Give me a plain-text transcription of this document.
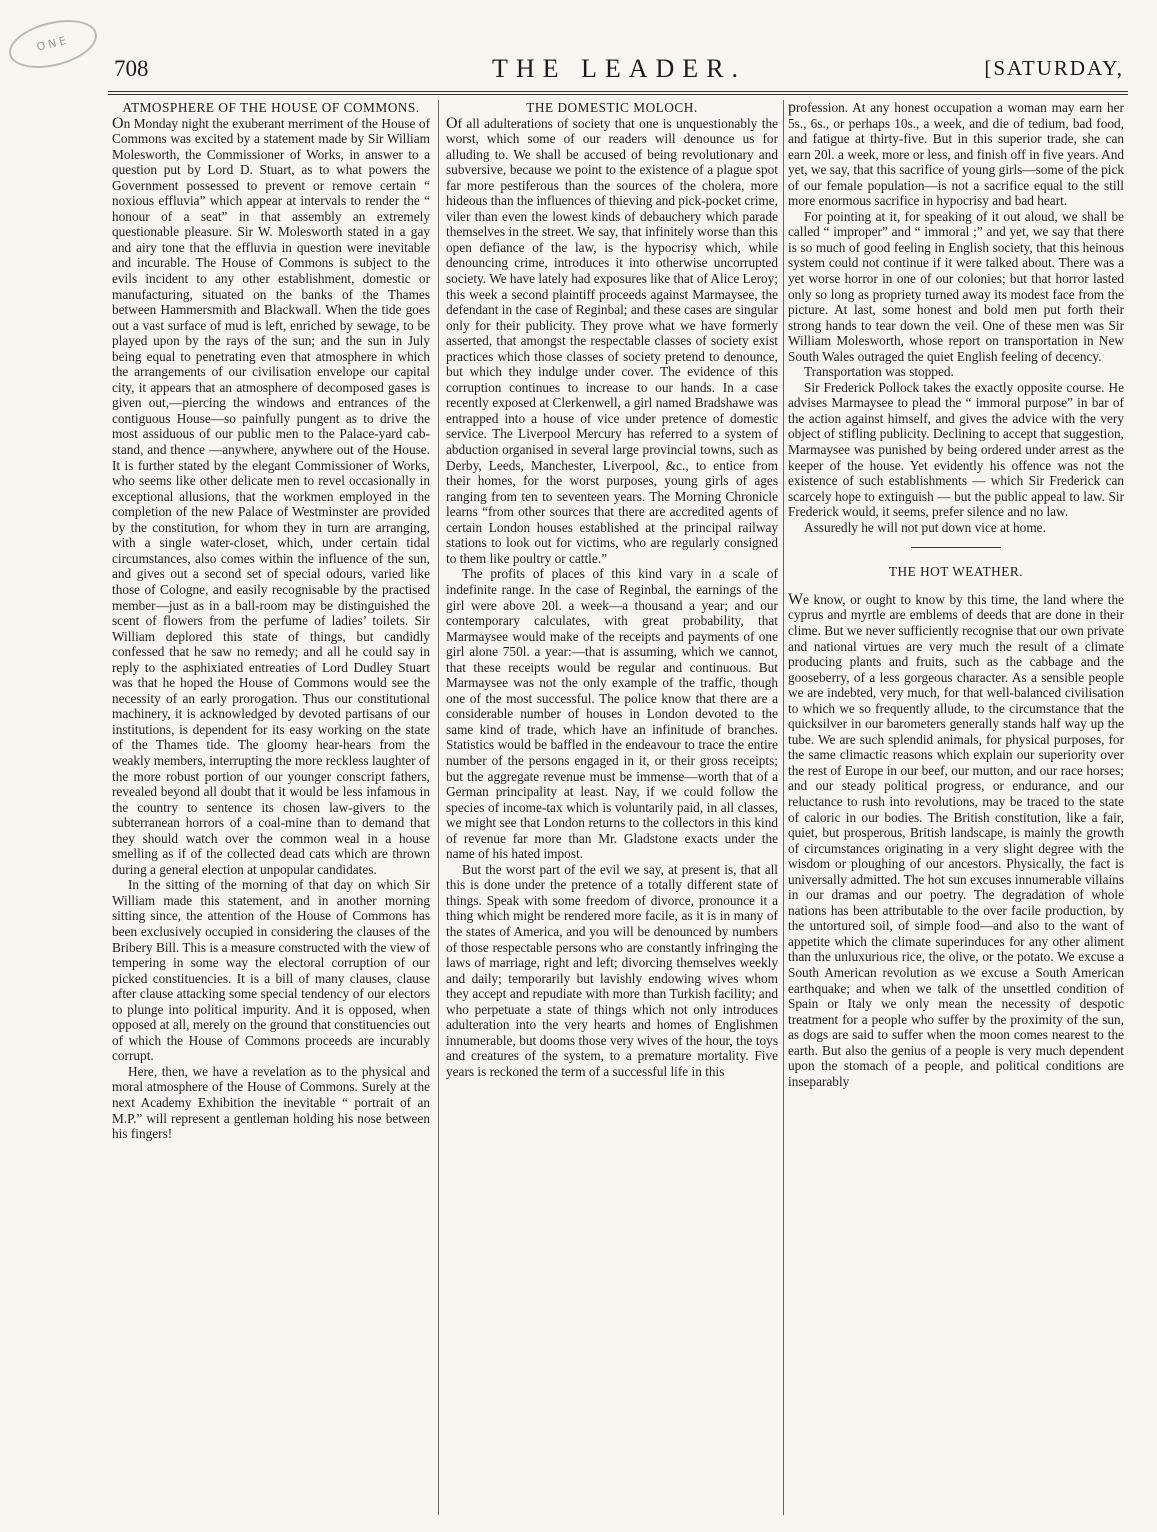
ONE
708	THE LEADER.	[SATURDAY,
ATMOSPHERE OF THE HOUSE OF COMMONS.

On Monday night the exuberant merriment of the House of Commons was excited by a statement made by Sir William Molesworth, the Commissioner of Works, in answer to a question put by Lord D. Stuart, as to what powers the Government possessed to prevent or remove certain “ noxious effluvia” which appear at intervals to render the “ honour of a seat” in that assembly an extremely questionable pleasure. Sir W. Molesworth stated in a gay and airy tone that the effluvia in question were inevitable and incurable. The House of Commons is subject to the evils incident to any other establishment, domestic or manufacturing, situated on the banks of the Thames between Hammersmith and Blackwall. When the tide goes out a vast surface of mud is left, enriched by sewage, to be played upon by the rays of the sun; and the sun in July being equal to penetrating even that atmosphere in which the arrangements of our civilisation envelope our capital city, it appears that an atmosphere of decomposed gases is given out,—piercing the windows and entrances of the contiguous House—so painfully pungent as to drive the most assiduous of our public men to the Palace-yard cab-stand, and thence —anywhere, anywhere out of the House. It is further stated by the elegant Commissioner of Works, who seems like other delicate men to revel occasionally in exceptional allusions, that the workmen employed in the completion of the new Palace of Westminster are provided by the constitution, for whom they in turn are arranging, with a single water-closet, which, under certain tidal circumstances, also comes within the influence of the sun, and gives out a second set of special odours, varied like those of Cologne, and easily recognisable by the practised member—just as in a ball-room may be distinguished the scent of flowers from the perfume of ladies’ toilets. Sir William deplored this state of things, but candidly confessed that he saw no remedy; and all he could say in reply to the asphixiated entreaties of Lord Dudley Stuart was that he hoped the House of Commons would see the necessity of an early prorogation. Thus our constitutional machinery, it is acknowledged by devoted partisans of our institutions, is dependent for its easy working on the state of the Thames tide. The gloomy hear-hears from the weakly members, interrupting the more reckless laughter of the more robust portion of our younger conscript fathers, revealed beyond all doubt that it would be less infamous in the country to sentence its chosen law-givers to the subterranean horrors of a coal-mine than to demand that they should watch over the common weal in a house smelling as if of the collected dead cats which are thrown during a general election at unpopular candidates.

In the sitting of the morning of that day on which Sir William made this statement, and in another morning sitting since, the attention of the House of Commons has been exclusively occupied in considering the clauses of the Bribery Bill. This is a measure constructed with the view of tempering in some way the electoral corruption of our picked constituencies. It is a bill of many clauses, clause after clause attacking some special tendency of our electors to plunge into political impurity. And it is opposed, when opposed at all, merely on the ground that constituencies out of which the House of Commons proceeds are incurably corrupt.

Here, then, we have a revelation as to the physical and moral atmosphere of the House of Commons. Surely at the next Academy Exhibition the inevitable “ portrait of an M.P.” will represent a gentleman holding his nose between his fingers!

THE DOMESTIC MOLOCH.

Of all adulterations of society that one is unquestionably the worst, which some of our readers will denounce us for alluding to. We shall be accused of being revolutionary and subversive, because we point to the existence of a plague spot far more pestiferous than the sources of the cholera, more hideous than the influences of thieving and pick-pocket crime, viler than even the lowest kinds of debauchery which parade themselves in the street. We say, that infinitely worse than this open defiance of the law, is the hypocrisy which, while denouncing crime, introduces it into otherwise uncorrupted society. We have lately had exposures like that of Alice Leroy; this week a second plaintiff proceeds against Marmaysee, the defendant in the case of Reginbal; and these cases are singular only for their publicity. They prove what we have formerly asserted, that amongst the respectable classes of society exist practices which those classes of society pretend to denounce, but which they indulge under cover. The evidence of this corruption continues to increase to our hands. In a case recently exposed at Clerkenwell, a girl named Bradshawe was entrapped into a house of vice under pretence of domestic service. The Liverpool Mercury has referred to a system of abduction organised in several large provincial towns, such as Derby, Leeds, Manchester, Liverpool, &c., to entice from their homes, for the worst purposes, young girls of ages ranging from ten to seventeen years. The Morning Chronicle learns “from other sources that there are accredited agents of certain London houses established at the principal railway stations to look out for victims, who are regularly consigned to them like poultry or cattle.”

The profits of places of this kind vary in a scale of indefinite range. In the case of Reginbal, the earnings of the girl were above 20l. a week—a thousand a year; and our contemporary calculates, with great probability, that Marmaysee would make of the receipts and payments of one girl alone 750l. a year:—that is assuming, which we cannot, that these receipts would be regular and continuous. But Marmaysee was not the only example of the traffic, though one of the most successful. The police know that there are a considerable number of houses in London devoted to the same kind of trade, which have an infinitude of branches. Statistics would be baffled in the endeavour to trace the entire number of the persons engaged in it, or their gross receipts; but the aggregate revenue must be immense—worth that of a German principality at least. Nay, if we could follow the species of income-tax which is voluntarily paid, in all classes, we might see that London returns to the collectors in this kind of revenue far more than Mr. Gladstone exacts under the name of his hated impost.

But the worst part of the evil we say, at present is, that all this is done under the pretence of a totally different state of things. Speak with some freedom of divorce, pronounce it a thing which might be rendered more facile, as it is in many of the states of America, and you will be denounced by numbers of those respectable persons who are constantly infringing the laws of marriage, right and left; divorcing themselves weekly and daily; temporarily but lavishly endowing wives whom they accept and repudiate with more than Turkish facility; and who perpetuate a state of things which not only introduces adulteration into the very hearts and homes of Englishmen innumerable, but dooms those very wives of the hour, the toys and creatures of the system, to a premature mortality. Five years is reckoned the term of a successful life in this

profession. At any honest occupation a woman may earn her 5s., 6s., or perhaps 10s., a week, and die of tedium, bad food, and fatigue at thirty-five. But in this superior trade, she can earn 20l. a week, more or less, and finish off in five years. And yet, we say, that this sacrifice of young girls—some of the pick of our female population—is not a sacrifice equal to the still more enormous sacrifice in hypocrisy and bad heart.

For pointing at it, for speaking of it out aloud, we shall be called “ improper” and “ immoral ;” and yet, we say that there is so much of good feeling in English society, that this heinous system could not continue if it were talked about. There was a yet worse horror in one of our colonies; but that horror lasted only so long as propriety turned away its modest face from the picture. At last, some honest and bold men put forth their strong hands to tear down the veil. One of these men was Sir William Molesworth, whose report on transportation in New South Wales outraged the quiet English feeling of decency.

Transportation was stopped.

Sir Frederick Pollock takes the exactly opposite course. He advises Marmaysee to plead the “ immoral purpose” in bar of the action against himself, and gives the advice with the very object of stifling publicity. Declining to accept that suggestion, Marmaysee was punished by being ordered under arrest as the keeper of the house. Yet evidently his offence was not the existence of such establishments — which Sir Frederick can scarcely hope to extinguish — but the public appeal to law. Sir Frederick would, it seems, prefer silence and no law.

Assuredly he will not put down vice at home.

THE HOT WEATHER.

We know, or ought to know by this time, the land where the cyprus and myrtle are emblems of deeds that are done in their clime. But we never sufficiently recognise that our own private and national virtues are very much the result of a climate producing plants and fruits, such as the cabbage and the gooseberry, of a less gorgeous character. As a sensible people we are indebted, very much, for that well-balanced civilisation to which we so frequently allude, to the circumstance that the quicksilver in our barometers generally stands half way up the tube. We are such splendid animals, for physical purposes, for the same climactic reasons which explain our superiority over the rest of Europe in our beef, our mutton, and our race horses; and our steady political progress, or endurance, and our reluctance to rush into revolutions, may be traced to the state of caloric in our bodies. The British constitution, like a fair, quiet, but prosperous, British landscape, is mainly the growth of circumstances originating in a very slight degree with the wisdom or ploughing of our ancestors. Physically, the fact is universally admitted. The hot sun excuses innumerable villains in our dramas and our poetry. The degradation of whole nations has been attributable to the over facile production, by the untortured soil, of simple food—and also to the want of appetite which the climate superinduces for any other aliment than the unluxurious rice, the olive, or the potato. We excuse a South American revolution as we excuse a South American earthquake; and when we talk of the unsettled condition of Spain or Italy we only mean the necessity of despotic treatment for a people who suffer by the proximity of the sun, as dogs are said to suffer when the moon comes nearest to the earth. But also the genius of a people is very much dependent upon the stomach of a people, and political conditions are inseparably
